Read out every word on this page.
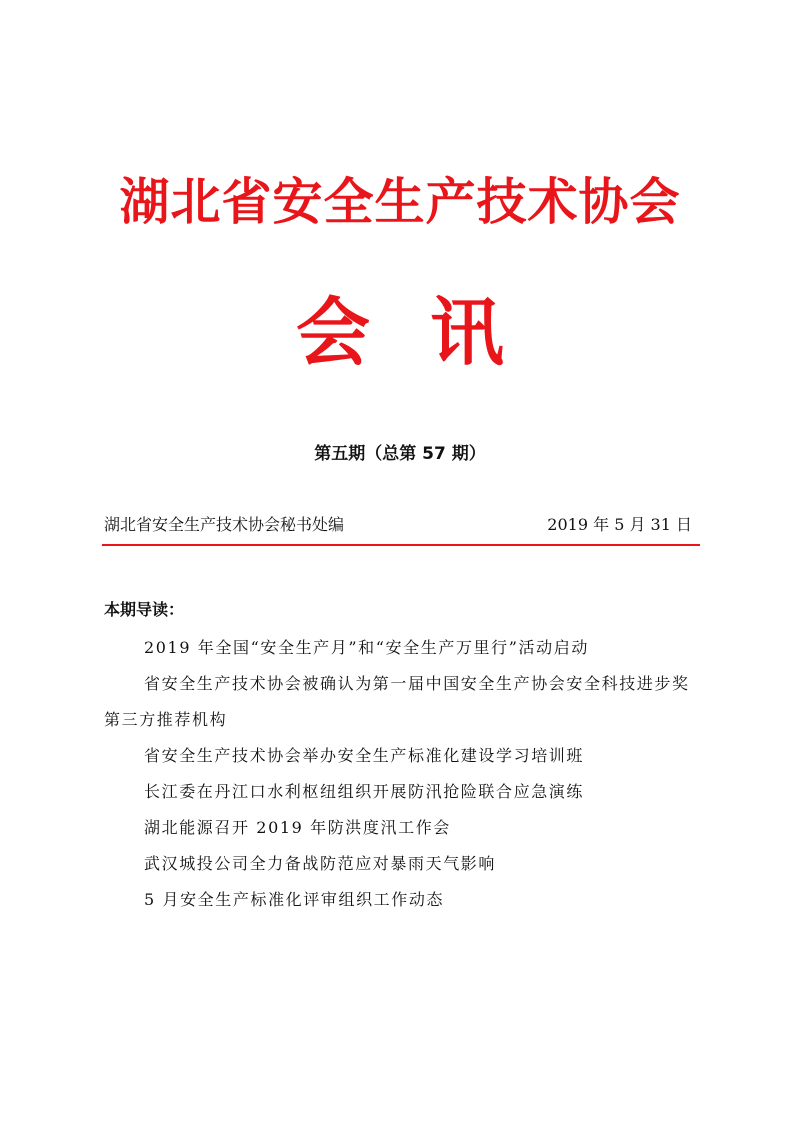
湖北省安全生产技术协会
会讯
第五期（总第 57 期）
湖北省安全生产技术协会秘书处编	2019 年 5 月 31 日
本期导读：
2019 年全国“安全生产月”和“安全生产万里行”活动启动
省安全生产技术协会被确认为第一届中国安全生产协会安全科技进步奖第三方推荐机构
省安全生产技术协会举办安全生产标准化建设学习培训班
长江委在丹江口水利枢纽组织开展防汛抢险联合应急演练
湖北能源召开 2019 年防洪度汛工作会
武汉城投公司全力备战防范应对暴雨天气影响
5 月安全生产标准化评审组织工作动态
